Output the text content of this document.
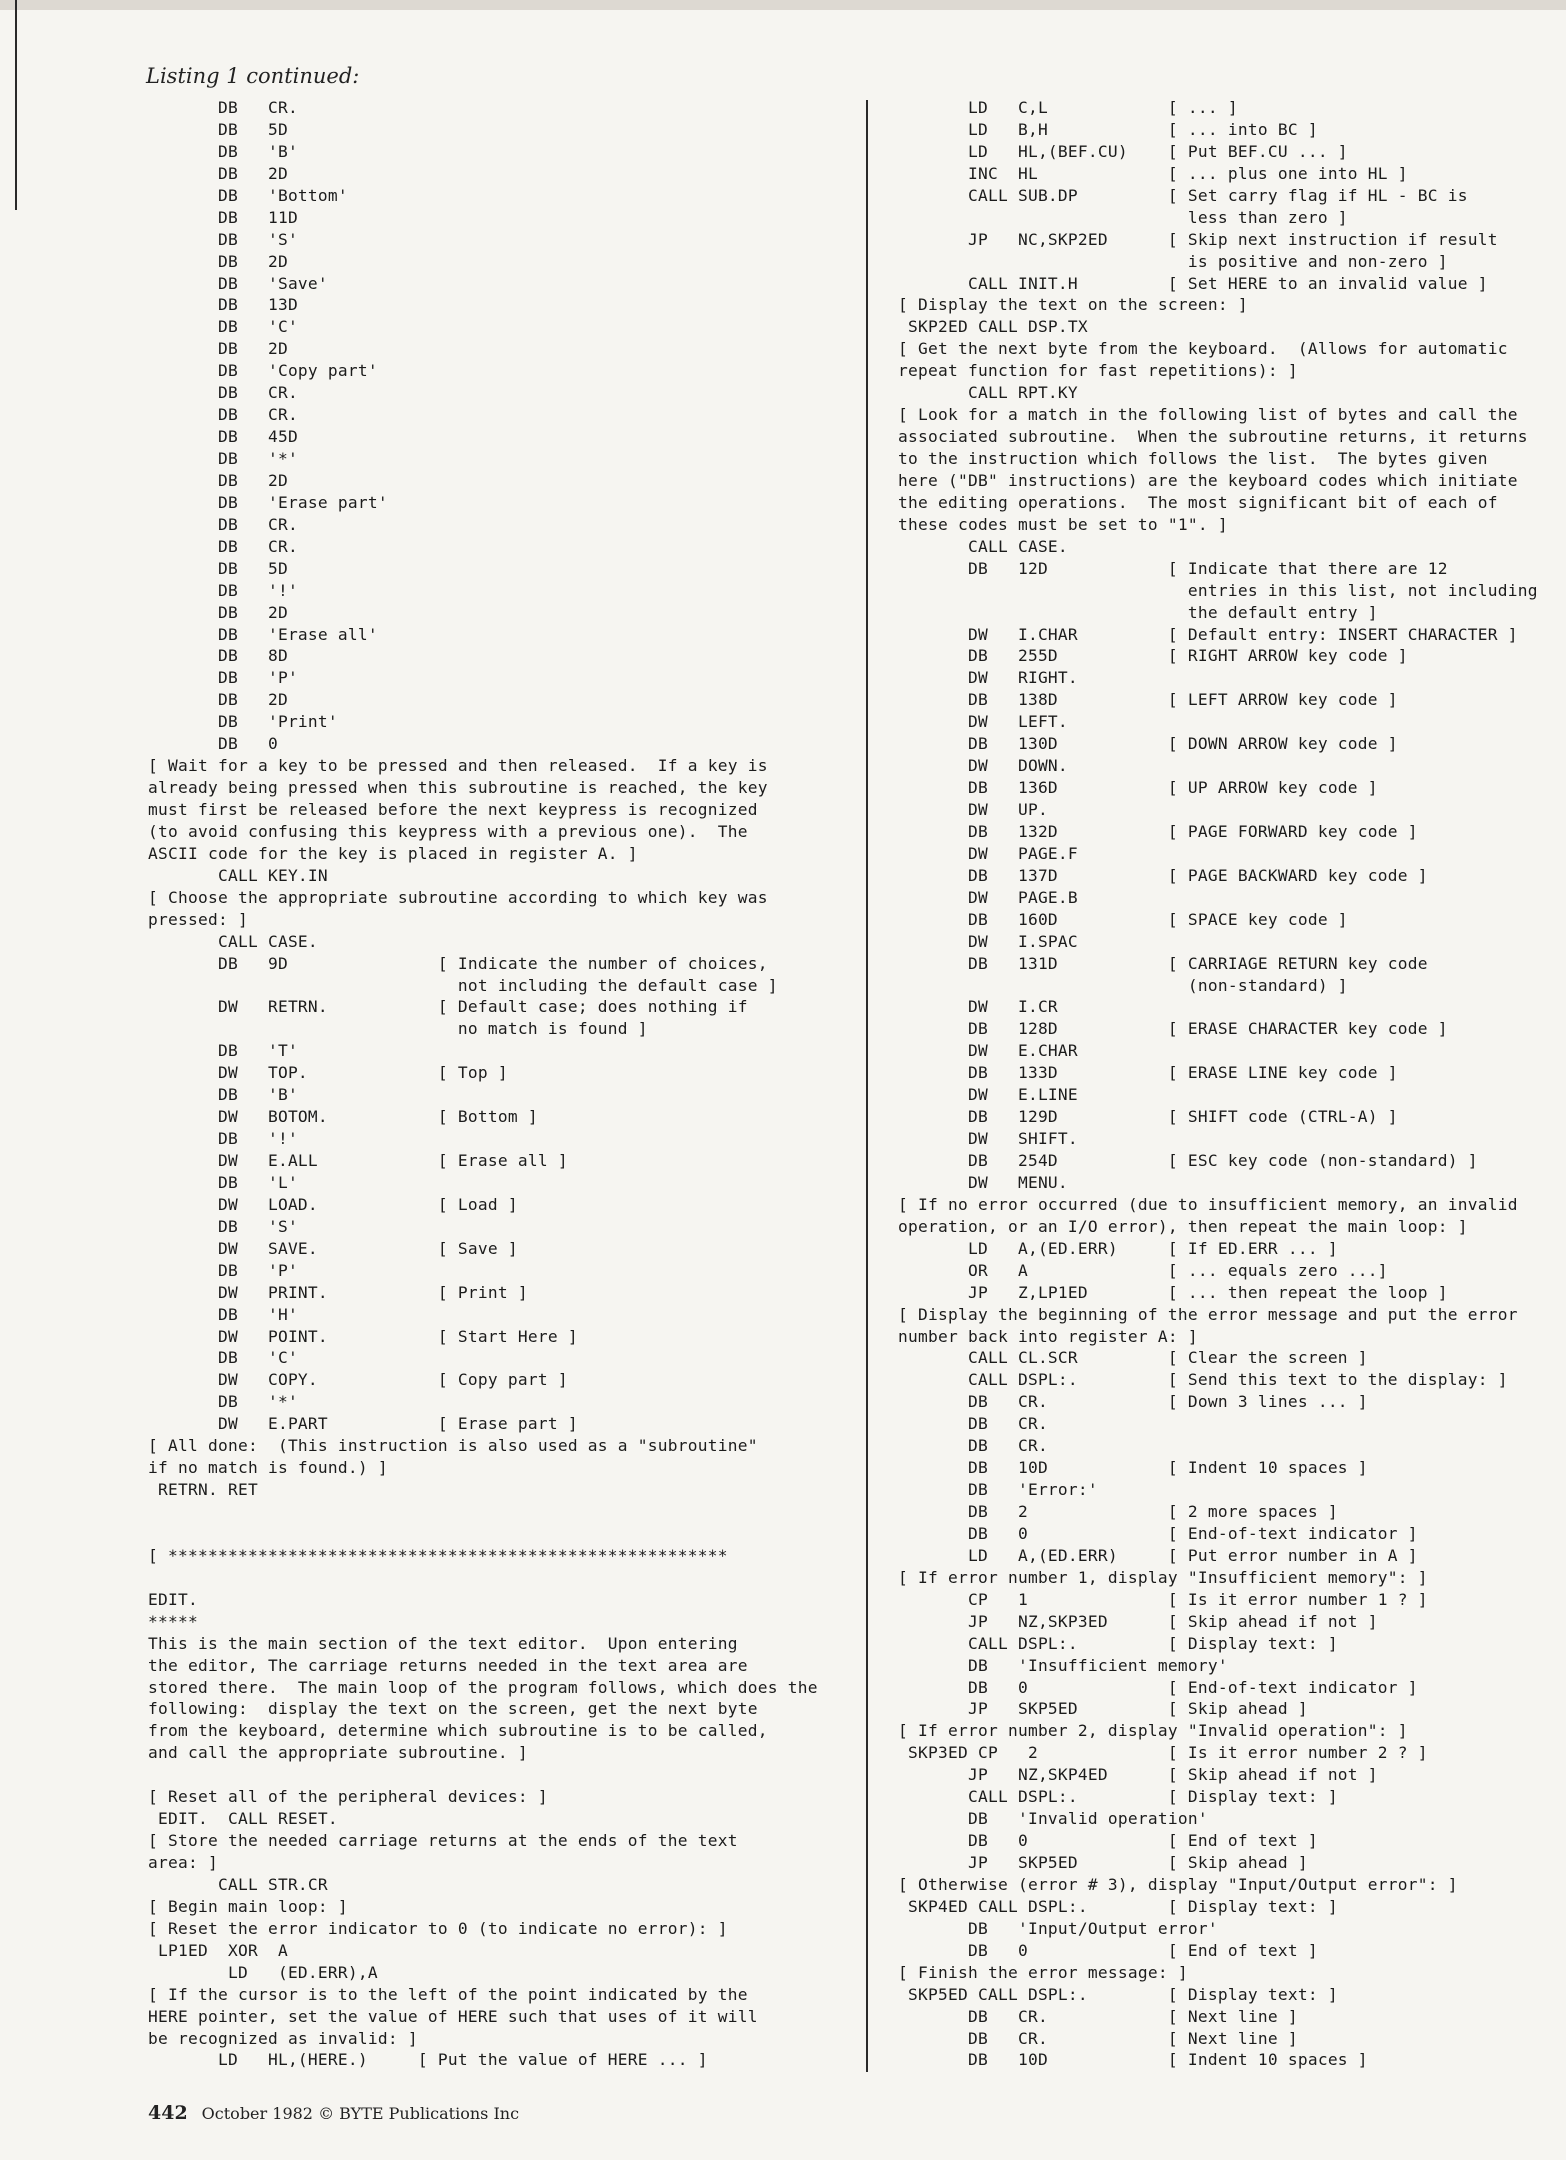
Listing 1 continued:
DB   CR.
DB   5D
DB   'B'
DB   2D
DB   'Bottom'
DB   11D
DB   'S'
DB   2D
DB   'Save'
DB   13D
DB   'C'
DB   2D
DB   'Copy part'
DB   CR.
DB   CR.
DB   45D
DB   '*'
DB   2D
DB   'Erase part'
DB   CR.
DB   CR.
DB   5D
DB   '!'
DB   2D
DB   'Erase all'
DB   8D
DB   'P'
DB   2D
DB   'Print'
DB   0
[ Wait for a key to be pressed and then released.  If a key is
already being pressed when this subroutine is reached, the key
must first be released before the next keypress is recognized
(to avoid confusing this keypress with a previous one).  The
ASCII code for the key is placed in register A. ]
CALL KEY.IN
[ Choose the appropriate subroutine according to which key was
pressed: ]
CALL CASE.
DB   9D               [ Indicate the number of choices,
not including the default case ]
DW   RETRN.           [ Default case; does nothing if
no match is found ]
DB   'T'
DW   TOP.             [ Top ]
DB   'B'
DW   BOTOM.           [ Bottom ]
DB   '!'
DW   E.ALL            [ Erase all ]
DB   'L'
DW   LOAD.            [ Load ]
DB   'S'
DW   SAVE.            [ Save ]
DB   'P'
DW   PRINT.           [ Print ]
DB   'H'
DW   POINT.           [ Start Here ]
DB   'C'
DW   COPY.            [ Copy part ]
DB   '*'
DW   E.PART           [ Erase part ]
[ All done:  (This instruction is also used as a "subroutine"
if no match is found.) ]
RETRN. RET
[ ********************************************************
EDIT.
*****
This is the main section of the text editor.  Upon entering
the editor, The carriage returns needed in the text area are
stored there.  The main loop of the program follows, which does the
following:  display the text on the screen, get the next byte
from the keyboard, determine which subroutine is to be called,
and call the appropriate subroutine. ]
[ Reset all of the peripheral devices: ]
EDIT.  CALL RESET.
[ Store the needed carriage returns at the ends of the text
area: ]
CALL STR.CR
[ Begin main loop: ]
[ Reset the error indicator to 0 (to indicate no error): ]
LP1ED  XOR  A
LD   (ED.ERR),A
[ If the cursor is to the left of the point indicated by the
HERE pointer, set the value of HERE such that uses of it will
be recognized as invalid: ]
LD   HL,(HERE.)     [ Put the value of HERE ... ]
LD   C,L            [ ... ]
LD   B,H            [ ... into BC ]
LD   HL,(BEF.CU)    [ Put BEF.CU ... ]
INC  HL             [ ... plus one into HL ]
CALL SUB.DP         [ Set carry flag if HL - BC is
less than zero ]
JP   NC,SKP2ED      [ Skip next instruction if result
is positive and non-zero ]
CALL INIT.H         [ Set HERE to an invalid value ]
[ Display the text on the screen: ]
SKP2ED CALL DSP.TX
[ Get the next byte from the keyboard.  (Allows for automatic
repeat function for fast repetitions): ]
CALL RPT.KY
[ Look for a match in the following list of bytes and call the
associated subroutine.  When the subroutine returns, it returns
to the instruction which follows the list.  The bytes given
here ("DB" instructions) are the keyboard codes which initiate
the editing operations.  The most significant bit of each of
these codes must be set to "1". ]
CALL CASE.
DB   12D            [ Indicate that there are 12
entries in this list, not including
the default entry ]
DW   I.CHAR         [ Default entry: INSERT CHARACTER ]
DB   255D           [ RIGHT ARROW key code ]
DW   RIGHT.
DB   138D           [ LEFT ARROW key code ]
DW   LEFT.
DB   130D           [ DOWN ARROW key code ]
DW   DOWN.
DB   136D           [ UP ARROW key code ]
DW   UP.
DB   132D           [ PAGE FORWARD key code ]
DW   PAGE.F
DB   137D           [ PAGE BACKWARD key code ]
DW   PAGE.B
DB   160D           [ SPACE key code ]
DW   I.SPAC
DB   131D           [ CARRIAGE RETURN key code
(non-standard) ]
DW   I.CR
DB   128D           [ ERASE CHARACTER key code ]
DW   E.CHAR
DB   133D           [ ERASE LINE key code ]
DW   E.LINE
DB   129D           [ SHIFT code (CTRL-A) ]
DW   SHIFT.
DB   254D           [ ESC key code (non-standard) ]
DW   MENU.
[ If no error occurred (due to insufficient memory, an invalid
operation, or an I/O error), then repeat the main loop: ]
LD   A,(ED.ERR)     [ If ED.ERR ... ]
OR   A              [ ... equals zero ...]
JP   Z,LP1ED        [ ... then repeat the loop ]
[ Display the beginning of the error message and put the error
number back into register A: ]
CALL CL.SCR         [ Clear the screen ]
CALL DSPL:.         [ Send this text to the display: ]
DB   CR.            [ Down 3 lines ... ]
DB   CR.
DB   CR.
DB   10D            [ Indent 10 spaces ]
DB   'Error:'
DB   2              [ 2 more spaces ]
DB   0              [ End-of-text indicator ]
LD   A,(ED.ERR)     [ Put error number in A ]
[ If error number 1, display "Insufficient memory": ]
CP   1              [ Is it error number 1 ? ]
JP   NZ,SKP3ED      [ Skip ahead if not ]
CALL DSPL:.         [ Display text: ]
DB   'Insufficient memory'
DB   0              [ End-of-text indicator ]
JP   SKP5ED         [ Skip ahead ]
[ If error number 2, display "Invalid operation": ]
SKP3ED CP   2             [ Is it error number 2 ? ]
JP   NZ,SKP4ED      [ Skip ahead if not ]
CALL DSPL:.         [ Display text: ]
DB   'Invalid operation'
DB   0              [ End of text ]
JP   SKP5ED         [ Skip ahead ]
[ Otherwise (error # 3), display "Input/Output error": ]
SKP4ED CALL DSPL:.        [ Display text: ]
DB   'Input/Output error'
DB   0              [ End of text ]
[ Finish the error message: ]
SKP5ED CALL DSPL:.        [ Display text: ]
DB   CR.            [ Next line ]
DB   CR.            [ Next line ]
DB   10D            [ Indent 10 spaces ]
442 October 1982 © BYTE Publications Inc
